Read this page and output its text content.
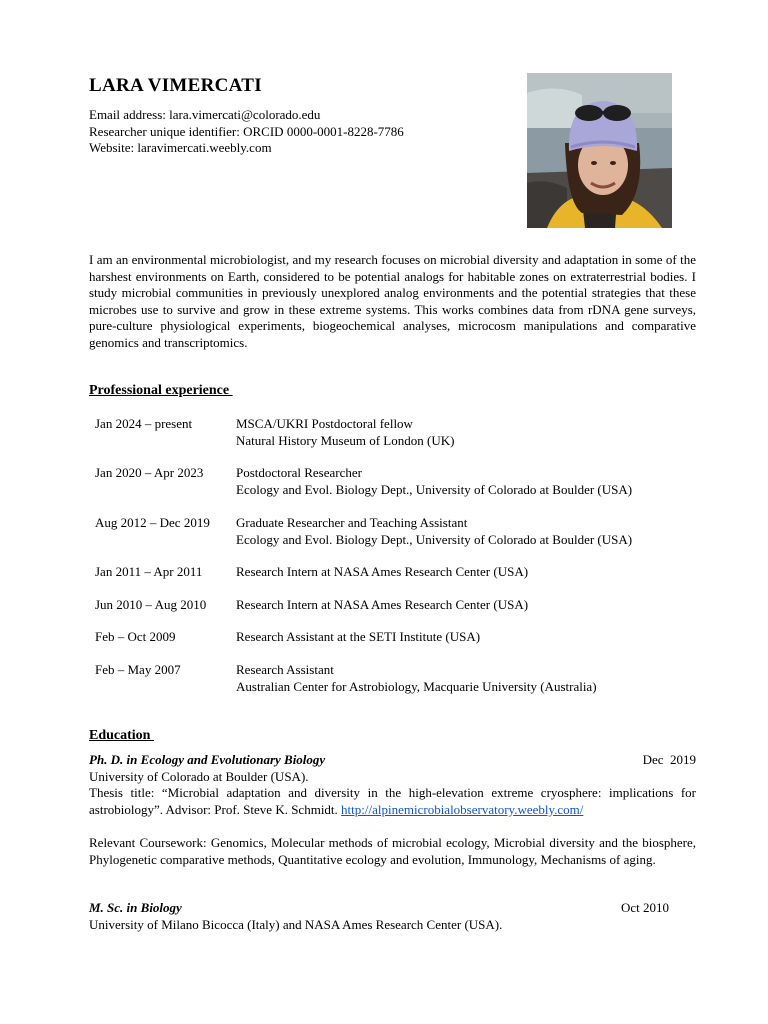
LARA VIMERCATI
Email address: lara.vimercati@colorado.edu
Researcher unique identifier: ORCID 0000-0001-8228-7786
Website: laravimercati.weebly.com
I am an environmental microbiologist, and my research focuses on microbial diversity and adaptation in some of the harshest environments on Earth, considered to be potential analogs for habitable zones on extraterrestrial bodies. I study microbial communities in previously unexplored analog environments and the potential strategies that these microbes use to survive and grow in these extreme systems. This works combines data from rDNA gene surveys, pure-culture physiological experiments, biogeochemical analyses, microcosm manipulations and comparative genomics and transcriptomics.
Professional experience
Jan 2024 – present	MSCA/UKRI Postdoctoral fellow
Natural History Museum of London (UK)
Jan 2020 – Apr 2023	Postdoctoral Researcher
Ecology and Evol. Biology Dept., University of Colorado at Boulder (USA)
Aug 2012 – Dec 2019 Graduate Researcher and Teaching Assistant
Ecology and Evol. Biology Dept., University of Colorado at Boulder (USA)
Jan 2011 – Apr 2011	Research Intern at NASA Ames Research Center (USA)
Jun 2010 – Aug 2010 Research Intern at NASA Ames Research Center (USA)
Feb – Oct 2009	Research Assistant at the SETI Institute (USA)
Feb – May 2007	Research Assistant
Australian Center for Astrobiology, Macquarie University (Australia)
Education
Ph. D. in Ecology and Evolutionary Biology	Dec  2019
University of Colorado at Boulder (USA).
Thesis title: “Microbial adaptation and diversity in the high-elevation extreme cryosphere: implications for astrobiology”. Advisor: Prof. Steve K. Schmidt. http://alpinemicrobialobservatory.weebly.com/
Relevant Coursework: Genomics, Molecular methods of microbial ecology, Microbial diversity and the biosphere, Phylogenetic comparative methods, Quantitative ecology and evolution, Immunology, Mechanisms of aging.
M. Sc. in Biology	Oct 2010
University of Milano Bicocca (Italy) and NASA Ames Research Center (USA).
